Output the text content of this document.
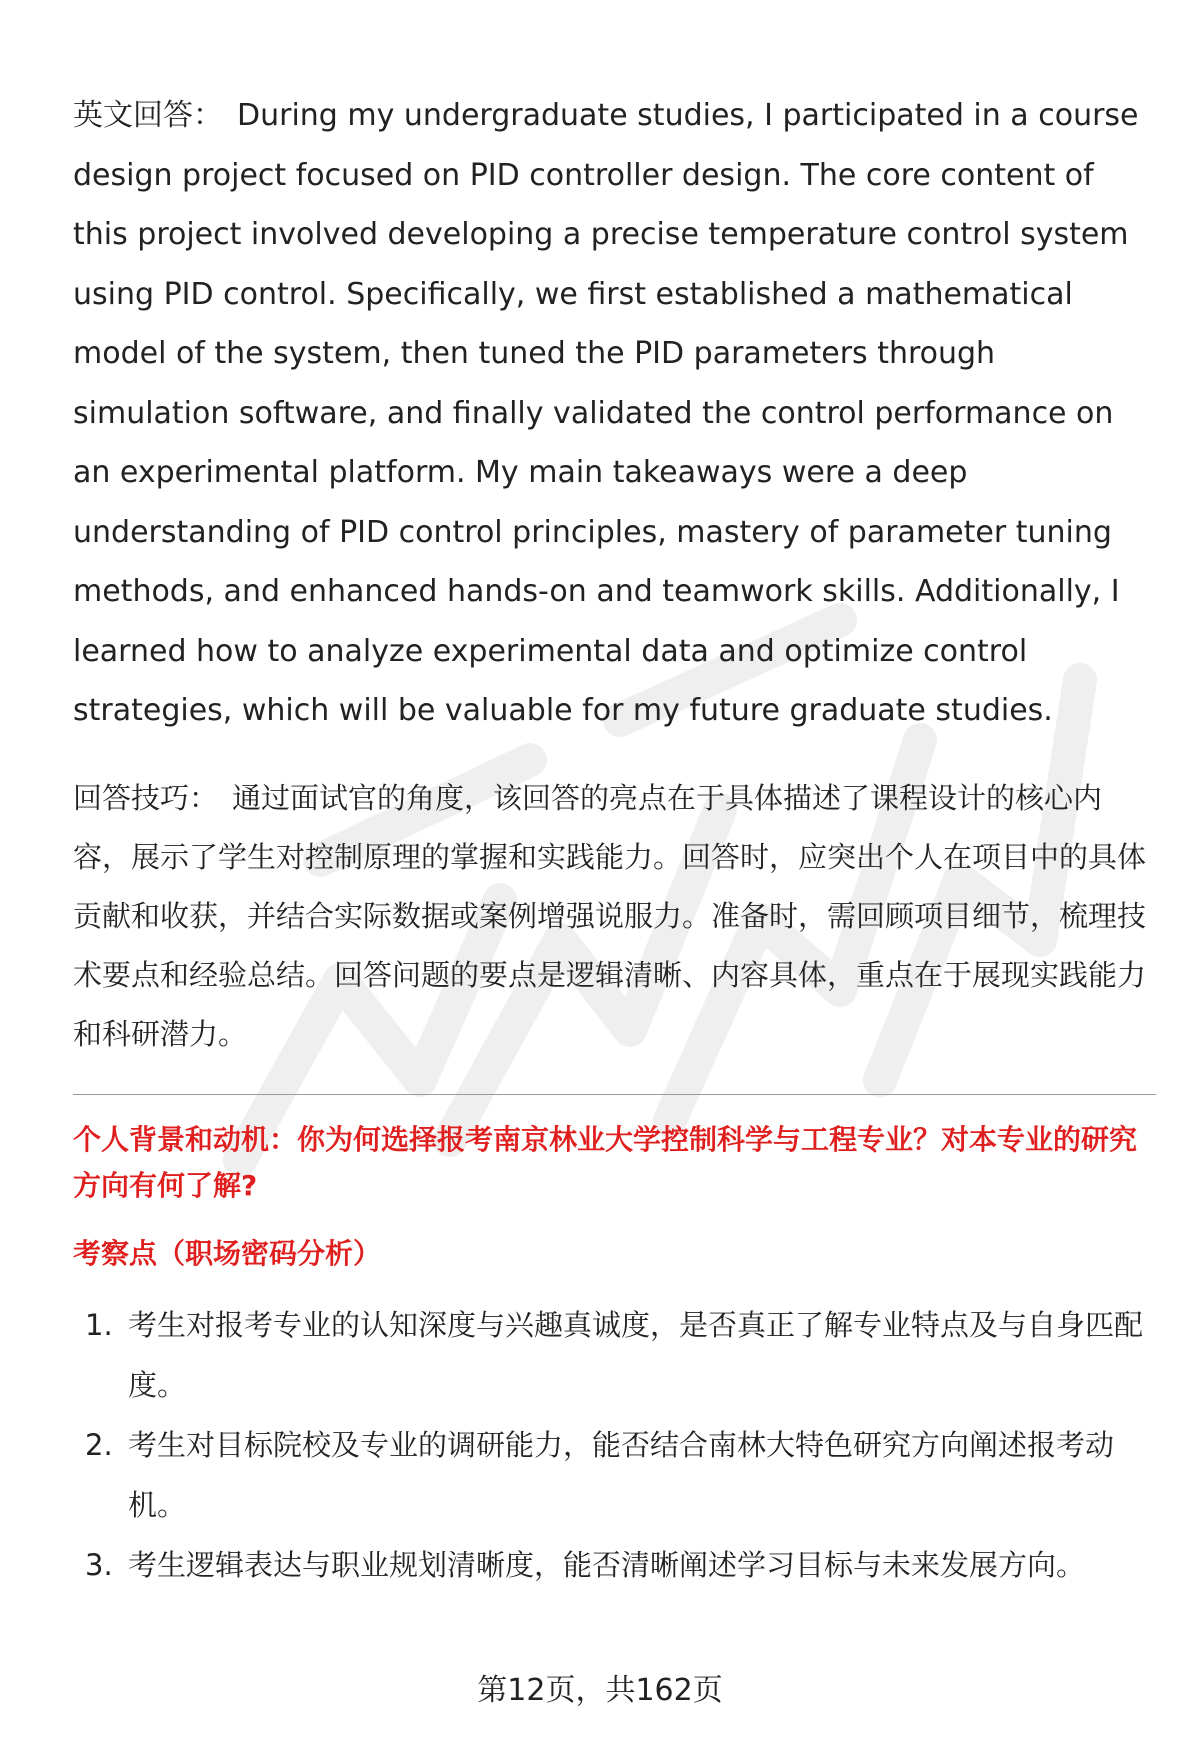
英文回答： During my undergraduate studies, I participated in a course design project focused on PID controller design. The core content of this project involved developing a precise temperature control system using PID control. Specifically, we first established a mathematical model of the system, then tuned the PID parameters through simulation software, and finally validated the control performance on an experimental platform. My main takeaways were a deep understanding of PID control principles, mastery of parameter tuning methods, and enhanced hands-on and teamwork skills. Additionally, I learned how to analyze experimental data and optimize control strategies, which will be valuable for my future graduate studies.

回答技巧： 通过面试官的角度，该回答的亮点在于具体描述了课程设计的核心内容，展示了学生对控制原理的掌握和实践能力。回答时，应突出个人在项目中的具体贡献和收获，并结合实际数据或案例增强说服力。准备时，需回顾项目细节，梳理技术要点和经验总结。回答问题的要点是逻辑清晰、内容具体，重点在于展现实践能力和科研潜力。

个人背景和动机：你为何选择报考南京林业大学控制科学与工程专业？对本专业的研究方向有何了解?
考察点（职场密码分析）
1. 考生对报考专业的认知深度与兴趣真诚度，是否真正了解专业特点及与自身匹配度。
2. 考生对目标院校及专业的调研能力，能否结合南林大特色研究方向阐述报考动机。
3. 考生逻辑表达与职业规划清晰度，能否清晰阐述学习目标与未来发展方向。
第12页，共162页
